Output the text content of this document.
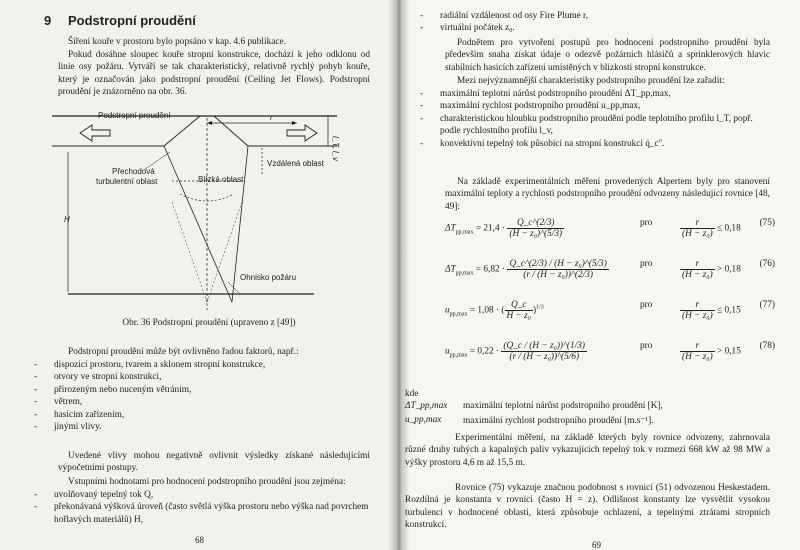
9 Podstropní proudění
Šíření kouře v prostoru bylo popsáno v kap. 4.6 publikace.
Pokud dosáhne sloupec kouře stropní konstrukce, dochází k jeho odklonu od linie osy požáru. Vytváří se tak charakteristický, relativně rychlý pohyb kouře, který je označován jako podstropní proudění (Ceiling Jet Flows). Podstropní proudění je znázorněno na obr. 36.
r
l_T, l_v
Podstropní proudění
Přechodová
turbulentní oblast
Vzdálená oblast
Blízká oblast
H
Ohnisko požáru
Obr. 36 Podstropní proudění (upraveno z [49])
Podstropní proudění může být ovlivněno řadou faktorů, např.:
- dispozicí prostoru, tvarem a sklonem stropní konstrukce,
- otvory ve stropní konstrukci,
- přirozeným nebo nuceným větráním,
- větrem,
- hasicím zařízením,
- jinými vlivy.
Uvedené vlivy mohou negativně ovlivnit výsledky získané následujícími výpočetními postupy.
Vstupními hodnotami pro hodnocení podstropního proudění jsou zejména:
- uvolňovaný tepelný tok Q,
- překonávaná výšková úroveň (často světlá výška prostoru nebo výška nad povrchem hořlavých materiálů) H,
68
- radiální vzdálenost od osy Fire Plume r,
- virtuální počátek z₀.
Podnětem pro vytvoření postupů pro hodnocení podstropního proudění byla především snaha získat údaje o odezvě požárních hlásičů a sprinklerových hlavic stabilních hasicích zařízení umístěných v blízkosti stropní konstrukce.
Mezi nejvýznamnější charakteristiky podstropního proudění lze zařadit:
- maximální teplotní nárůst podstropního proudění ΔT_pp,max,
- maximální rychlost podstropního proudění u_pp,max,
- charakteristickou hloubku podstropního proudění podle teplotního profilu l_T, popř. podle rychlostního profilu l_v,
- konvektivní tepelný tok působící na stropní konstrukci q̇_c''.
Na základě experimentálních měření provedených Alpertem byly pro stanovení maximální teploty a rychlosti podstropního proudění odvozeny následující rovnice [48, 49]:
$\Delta T_{pp,max} = 21,4 \cdot \frac{Q\_c\^{}(2/3)}{\text{(H − z₀)\textasciicircum{}(5/3)}}$	pro	$\frac{r}{\text{(H − z₀)}} \le 0,18$
(75)
$\Delta T_{pp,max} = 6,82 \cdot \frac{\text{Q\_c\textasciicircum{}(2/3) / (H − z₀)\textasciicircum{}(5/3)}}{\text{(r / (H − z₀))\textasciicircum{}(2/3)}}$	pro	$\frac{r}{\text{(H − z₀)}} > 0,18$
(76)
$u_{pp,max} = 1,08$ · ( $\frac{Q\_c}{\text{H − z₀}} )^{1/3}$	pro	$\frac{r}{\text{(H − z₀)}} \le 0,15$
(77)
$u_{pp,max} = 0,22 \cdot \frac{\text{(Q\_c / (H − z₀))\textasciicircum{}(1/3)}}{\text{(r / (H − z₀))\textasciicircum{}(5/6)}}$	pro	$\frac{r}{\text{(H − z₀)}} > 0,15$
(78)
kde
ΔT_pp,max	maximální teplotní nárůst podstropního proudění [K],
u_pp,max	maximální rychlost podstropního proudění [m.s⁻¹].
Experimentální měření, na základě kterých byly rovnice odvozeny, zahrnovala různé druhy tuhých a kapalných paliv vykazujících tepelný tok v rozmezí 668 kW až 98 MW a výšky prostoru 4,6 m až 15,5 m.
Rovnice (75) vykazuje značnou podobnost s rovnicí (51) odvozenou Heskestadem. Rozdílná je konstanta v rovnici (často H = z). Odlišnost konstanty lze vysvětlit vysokou turbulencí v hodnocené oblasti, která způsobuje ochlazení, a tepelnými ztrátami stropních konstrukcí.
69
